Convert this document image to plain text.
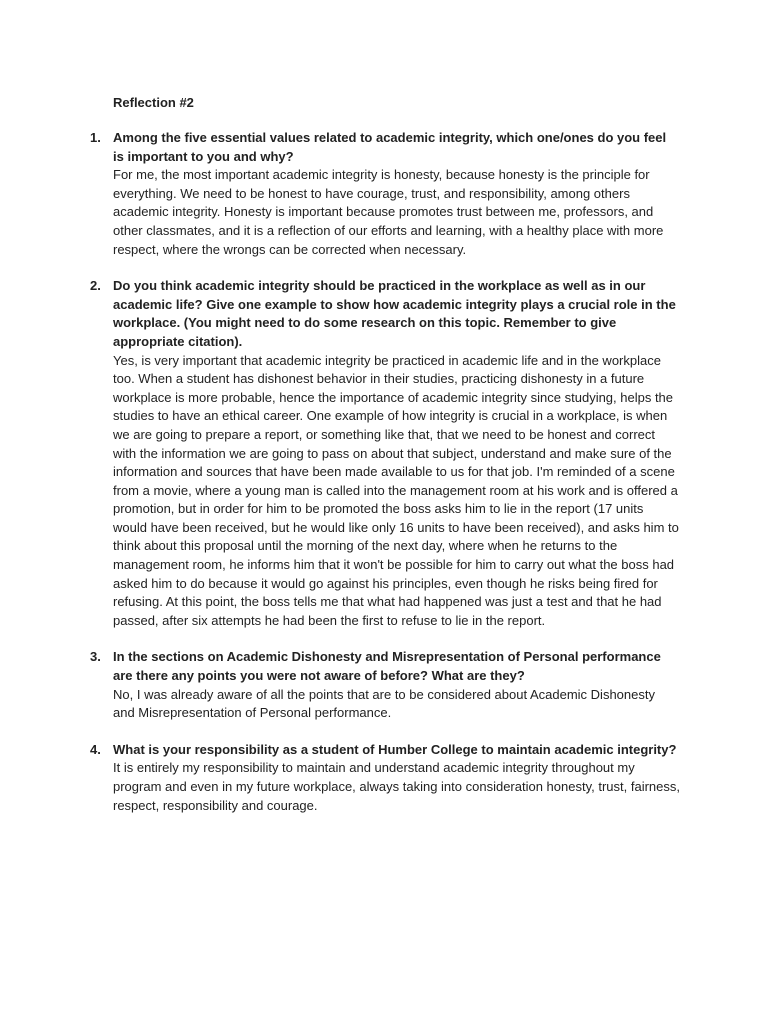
Reflection #2
1. Among the five essential values related to academic integrity, which one/ones do you feel is important to you and why?

For me, the most important academic integrity is honesty, because honesty is the principle for everything. We need to be honest to have courage, trust, and responsibility, among others academic integrity. Honesty is important because promotes trust between me, professors, and other classmates, and it is a reflection of our efforts and learning, with a healthy place with more respect, where the wrongs can be corrected when necessary.

2. Do you think academic integrity should be practiced in the workplace as well as in our academic life? Give one example to show how academic integrity plays a crucial role in the workplace. (You might need to do some research on this topic. Remember to give appropriate citation).

Yes, is very important that academic integrity be practiced in academic life and in the workplace too. When a student has dishonest behavior in their studies, practicing dishonesty in a future workplace is more probable, hence the importance of academic integrity since studying, helps the studies to have an ethical career. One example of how integrity is crucial in a workplace, is when we are going to prepare a report, or something like that, that we need to be honest and correct with the information we are going to pass on about that subject, understand and make sure of the information and sources that have been made available to us for that job. I'm reminded of a scene from a movie, where a young man is called into the management room at his work and is offered a promotion, but in order for him to be promoted the boss asks him to lie in the report (17 units would have been received, but he would like only 16 units to have been received), and asks him to think about this proposal until the morning of the next day, where when he returns to the management room, he informs him that it won't be possible for him to carry out what the boss had asked him to do because it would go against his principles, even though he risks being fired for refusing. At this point, the boss tells me that what had happened was just a test and that he had passed, after six attempts he had been the first to refuse to lie in the report.

3. In the sections on Academic Dishonesty and Misrepresentation of Personal performance are there any points you were not aware of before? What are they?

No, I was already aware of all the points that are to be considered about Academic Dishonesty and Misrepresentation of Personal performance.

4. What is your responsibility as a student of Humber College to maintain academic integrity?

It is entirely my responsibility to maintain and understand academic integrity throughout my program and even in my future workplace, always taking into consideration honesty, trust, fairness, respect, responsibility and courage.
